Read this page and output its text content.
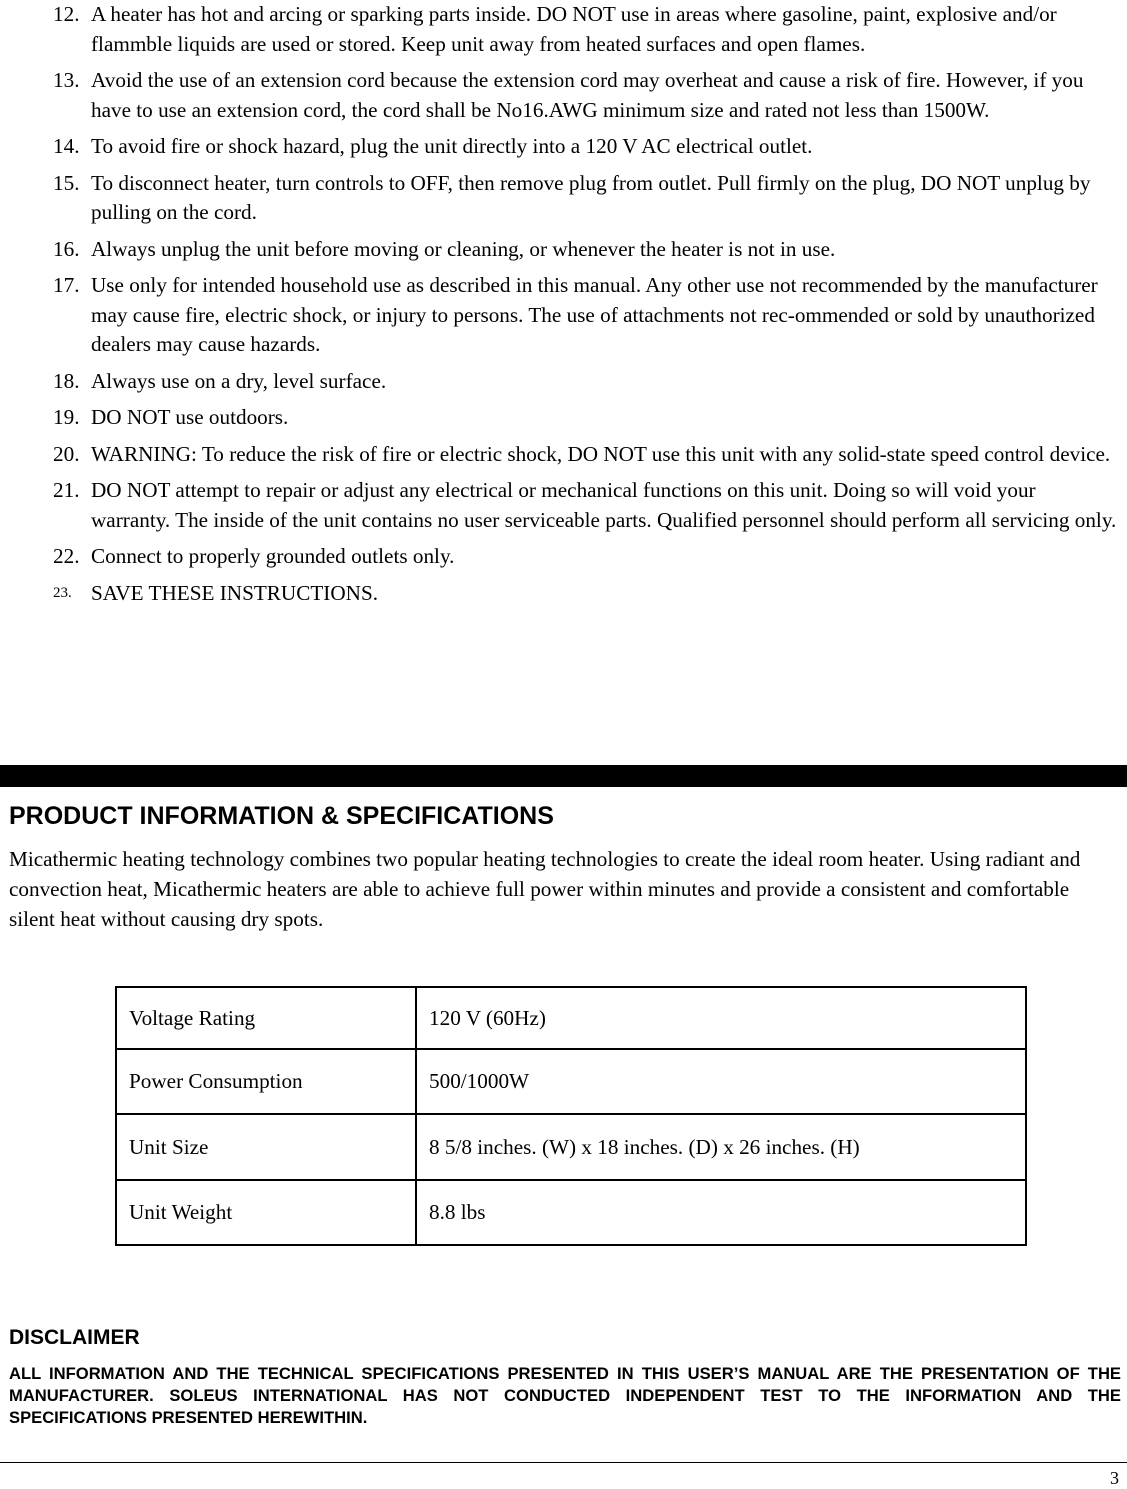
12. A heater has hot and arcing or sparking parts inside. DO NOT use in areas where gasoline, paint, explosive and/or flammble liquids are used or stored. Keep unit away from heated surfaces and open flames.
13. Avoid the use of an extension cord because the extension cord may overheat and cause a risk of fire. However, if you have to use an extension cord, the cord shall be No16.AWG minimum size and rated not less than 1500W.
14. To avoid fire or shock hazard, plug the unit directly into a 120 V AC electrical outlet.
15. To disconnect heater, turn controls to OFF, then remove plug from outlet. Pull firmly on the plug, DO NOT unplug by pulling on the cord.
16. Always unplug the unit before moving or cleaning, or whenever the heater is not in use.
17. Use only for intended household use as described in this manual. Any other use not recommended by the manufacturer may cause fire, electric shock, or injury to persons. The use of attachments not rec-ommended or sold by unauthorized dealers may cause hazards.
18. Always use on a dry, level surface.
19. DO NOT use outdoors.
20. WARNING: To reduce the risk of fire or electric shock, DO NOT use this unit with any solid-state speed control device.
21. DO NOT attempt to repair or adjust any electrical or mechanical functions on this unit. Doing so will void your warranty. The inside of the unit contains no user serviceable parts. Qualified personnel should perform all servicing only.
22. Connect to properly grounded outlets only.
23. SAVE THESE INSTRUCTIONS.
PRODUCT INFORMATION & SPECIFICATIONS

Micathermic heating technology combines two popular heating technologies to create the ideal room heater. Using radiant and convection heat, Micathermic heaters are able to achieve full power within minutes and provide a consistent and comfortable silent heat without causing dry spots.

Voltage Rating	120 V (60Hz)
Power Consumption	500/1000W
Unit Size	8 5/8 inches. (W) x 18 inches. (D) x 26 inches. (H)
Unit Weight	8.8 lbs
DISCLAIMER

ALL INFORMATION AND THE TECHNICAL SPECIFICATIONS PRESENTED IN THIS USER’S MANUAL ARE THE PRESENTATION OF THE MANUFACTURER. SOLEUS INTERNATIONAL HAS NOT CONDUCTED INDEPENDENT TEST TO THE INFORMATION AND THE SPECIFICATIONS PRESENTED HEREWITHIN.

3
